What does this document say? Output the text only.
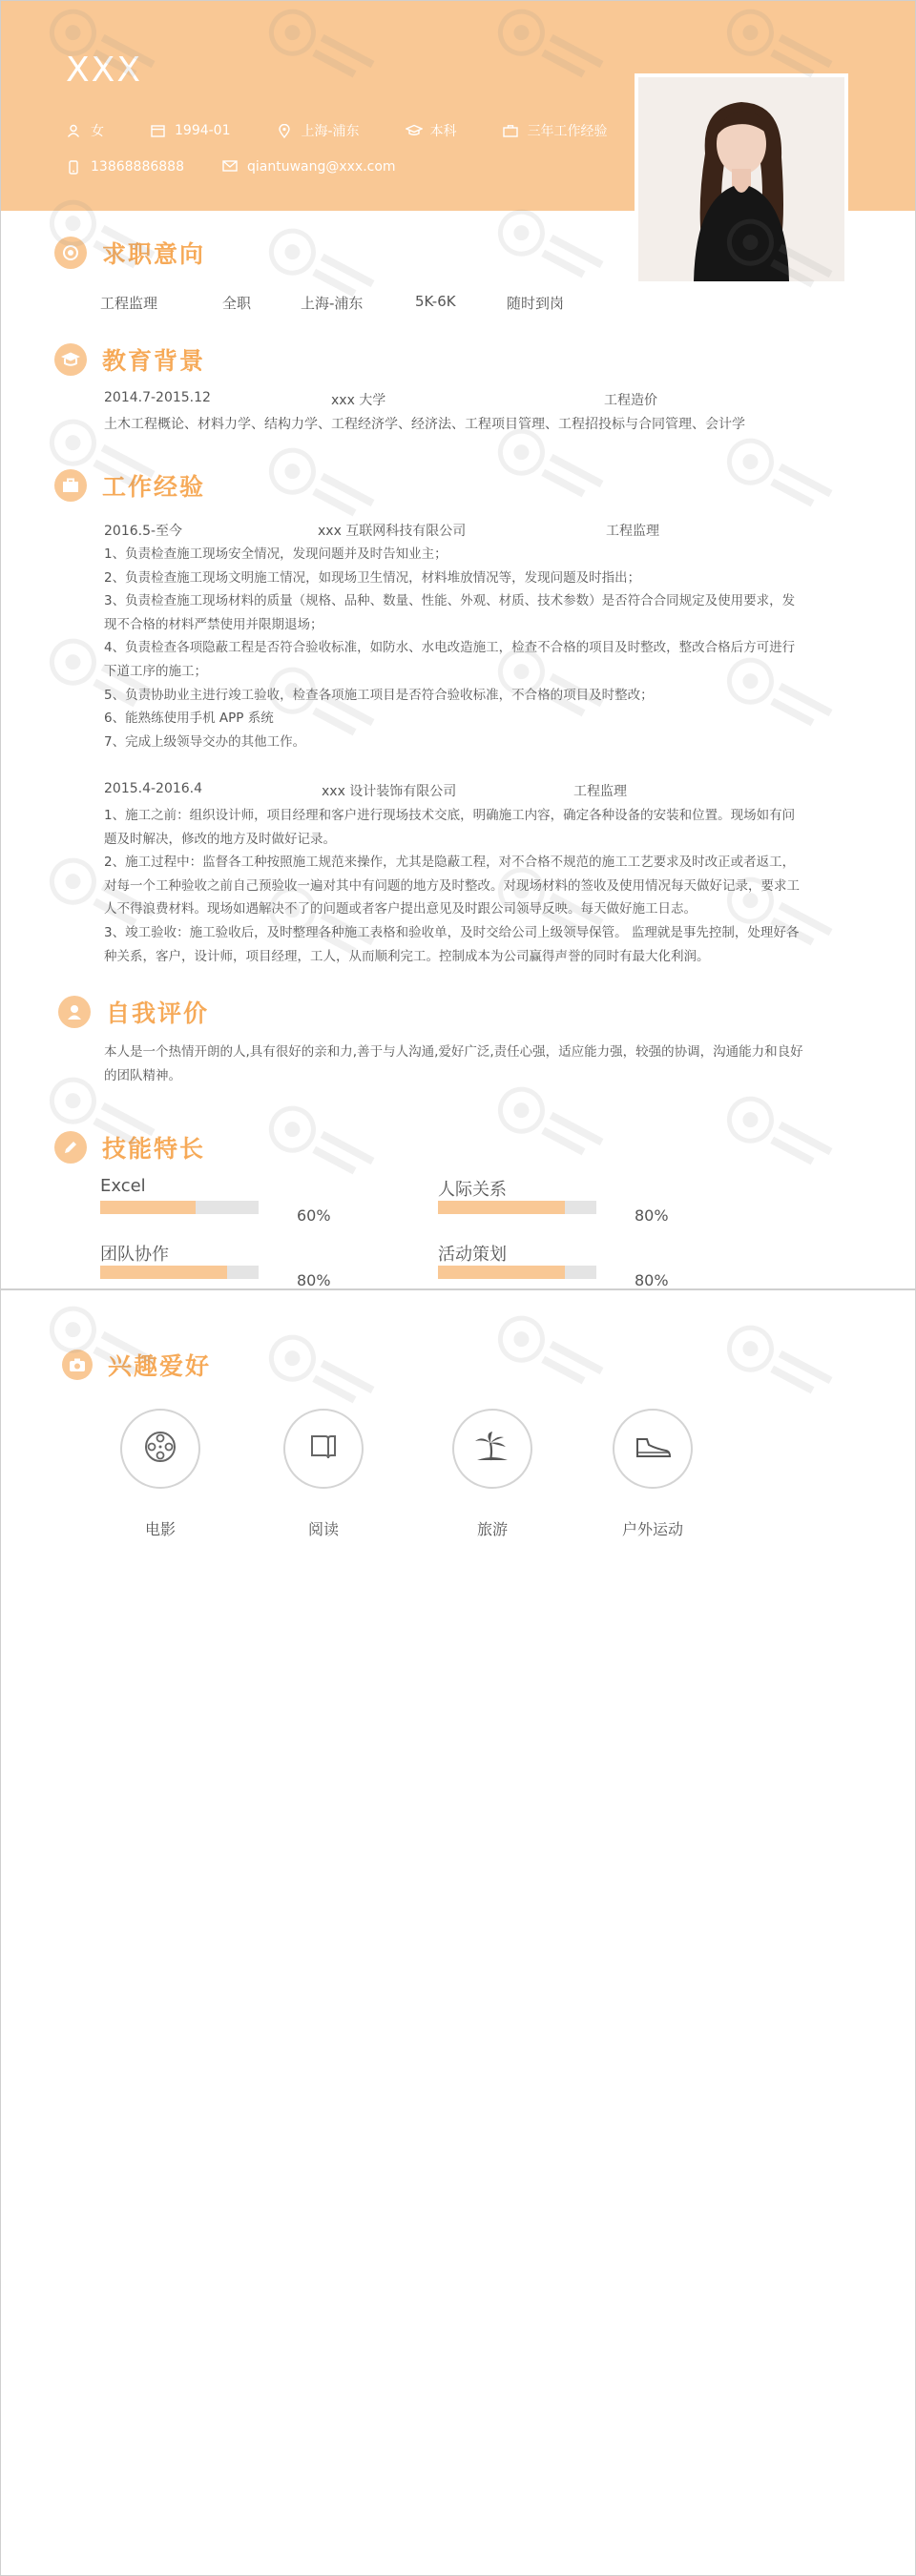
XXX
女	1994-01	上海-浦东	本科	三年工作经验
13868886888	qiantuwang@xxx.com
求职意向
工程监理	全职	上海-浦东	5K-6K	随时到岗
教育背景
2014.7-2015.12	xxx 大学	工程造价
土木工程概论、材料力学、结构力学、工程经济学、经济法、工程项目管理、工程招投标与合同管理、会计学
工作经验
2016.5-至今	xxx 互联网科技有限公司	工程监理

1、负责检查施工现场安全情况，发现问题并及时告知业主；

2、负责检查施工现场文明施工情况，如现场卫生情况，材料堆放情况等，发现问题及时指出；

3、负责检查施工现场材料的质量（规格、品种、数量、性能、外观、材质、技术参数）是否符合合同规定及使用要求，发

现不合格的材料严禁使用并限期退场；

4、负责检查各项隐蔽工程是否符合验收标准，如防水、水电改造施工，检查不合格的项目及时整改，整改合格后方可进行

下道工序的施工；

5、负责协助业主进行竣工验收，检查各项施工项目是否符合验收标准，不合格的项目及时整改；

6、能熟练使用手机 APP 系统

7、完成上级领导交办的其他工作。

2015.4-2016.4	xxx 设计装饰有限公司	工程监理

1、施工之前：组织设计师，项目经理和客户进行现场技术交底，明确施工内容，确定各种设备的安装和位置。现场如有问

题及时解决，修改的地方及时做好记录。

2、施工过程中：监督各工种按照施工规范来操作，尤其是隐蔽工程，对不合格不规范的施工工艺要求及时改正或者返工，

对每一个工种验收之前自己预验收一遍对其中有问题的地方及时整改。对现场材料的签收及使用情况每天做好记录，要求工

人不得浪费材料。现场如遇解决不了的问题或者客户提出意见及时跟公司领导反映。每天做好施工日志。

3、竣工验收：施工验收后，及时整理各种施工表格和验收单，及时交给公司上级领导保管。 监理就是事先控制，处理好各

种关系，客户，设计师，项目经理，工人，从而顺利完工。控制成本为公司赢得声誉的同时有最大化利润。

自我评价

本人是一个热情开朗的人,具有很好的亲和力,善于与人沟通,爱好广泛,责任心强，适应能力强，较强的协调，沟通能力和良好

的团队精神。

技能特长
Excel
60%
人际关系
80%
团队协作
80%
活动策划
80%
兴趣爱好
电影	阅读	旅游	户外运动
